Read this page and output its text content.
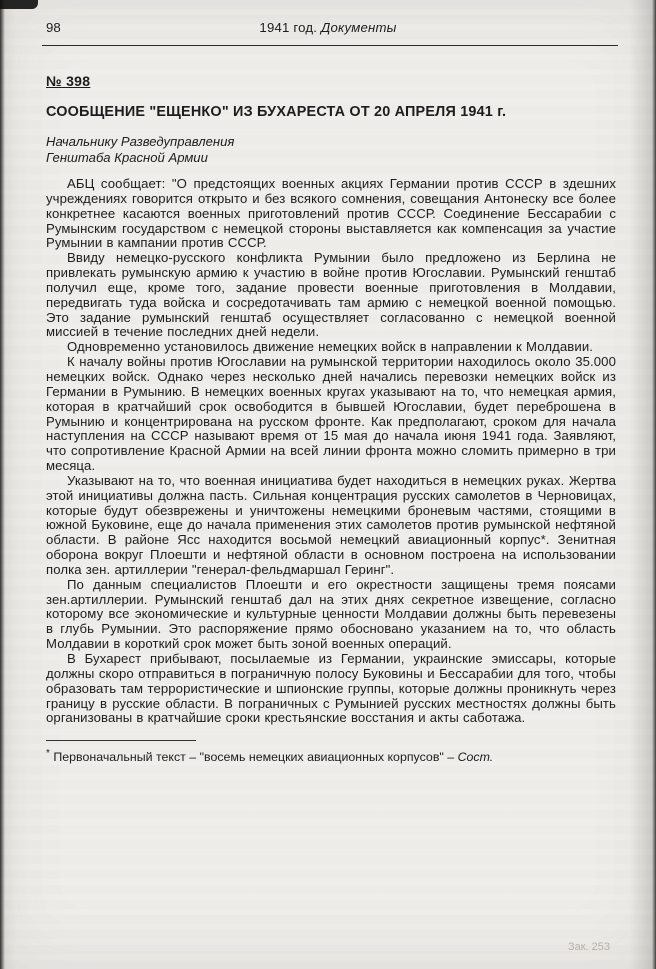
98	1941 год. Документы
№ 398
СООБЩЕНИЕ "ЕЩЕНКО" ИЗ БУХАРЕСТА ОТ 20 АПРЕЛЯ 1941 г.
Начальнику Разведуправления
Генштаба Красной Армии

АБЦ сообщает: "О предстоящих военных акциях Германии против СССР в здешних учреждениях говорится открыто и без всякого сомнения, совещания Антонеску все более конкретнее касаются военных приготовлений против СССР. Соединение Бессарабии с Румынским государством с немецкой стороны выставляется как компенсация за участие Румынии в кампании против СССР.

Ввиду немецко-русского конфликта Румынии было предложено из Берлина не привлекать румынскую армию к участию в войне против Югославии. Румынский генштаб получил еще, кроме того, задание провести военные приготовления в Молдавии, передвигать туда войска и сосредотачивать там армию с немецкой военной помощью. Это задание румынский генштаб осуществляет согласованно с немецкой военной миссией в течение последних дней недели.

Одновременно установилось движение немецких войск в направлении к Молдавии.

К началу войны против Югославии на румынской территории находилось около 35.000 немецких войск. Однако через несколько дней начались перевозки немецких войск из Германии в Румынию. В немецких военных кругах указывают на то, что немецкая армия, которая в кратчайший срок освободится в бывшей Югославии, будет переброшена в Румынию и концентрирована на русском фронте. Как предполагают, сроком для начала наступления на СССР называют время от 15 мая до начала июня 1941 года. Заявляют, что сопротивление Красной Армии на всей линии фронта можно сломить примерно в три месяца.

Указывают на то, что военная инициатива будет находиться в немецких руках. Жертва этой инициативы должна пасть. Сильная концентрация русских самолетов в Черновицах, которые будут обезврежены и уничтожены немецкими броневым частями, стоящими в южной Буковине, еще до начала применения этих самолетов против румынской нефтяной области. В районе Ясс находится восьмой немецкий авиационный корпус*. Зенитная оборона вокруг Плоешти и нефтяной области в основном построена на использовании полка зен. артиллерии "генерал-фельдмаршал Геринг".

По данным специалистов Плоешти и его окрестности защищены тремя поясами зен.артиллерии. Румынский генштаб дал на этих днях секретное извещение, согласно которому все экономические и культурные ценности Молдавии должны быть перевезены в глубь Румынии. Это распоряжение прямо обосновано указанием на то, что область Молдавии в короткий срок может быть зоной военных операций.

В Бухарест прибывают, посылаемые из Германии, украинские эмиссары, которые должны скоро отправиться в пограничную полосу Буковины и Бессарабии для того, чтобы образовать там террористические и шпионские группы, которые должны проникнуть через границу в русские области. В пограничных с Румынией русских местностях должны быть организованы в кратчайшие сроки крестьянские восстания и акты саботажа.

* Первоначальный текст – "восемь немецких авиационных корпусов" – Сост.

Зак. 253
